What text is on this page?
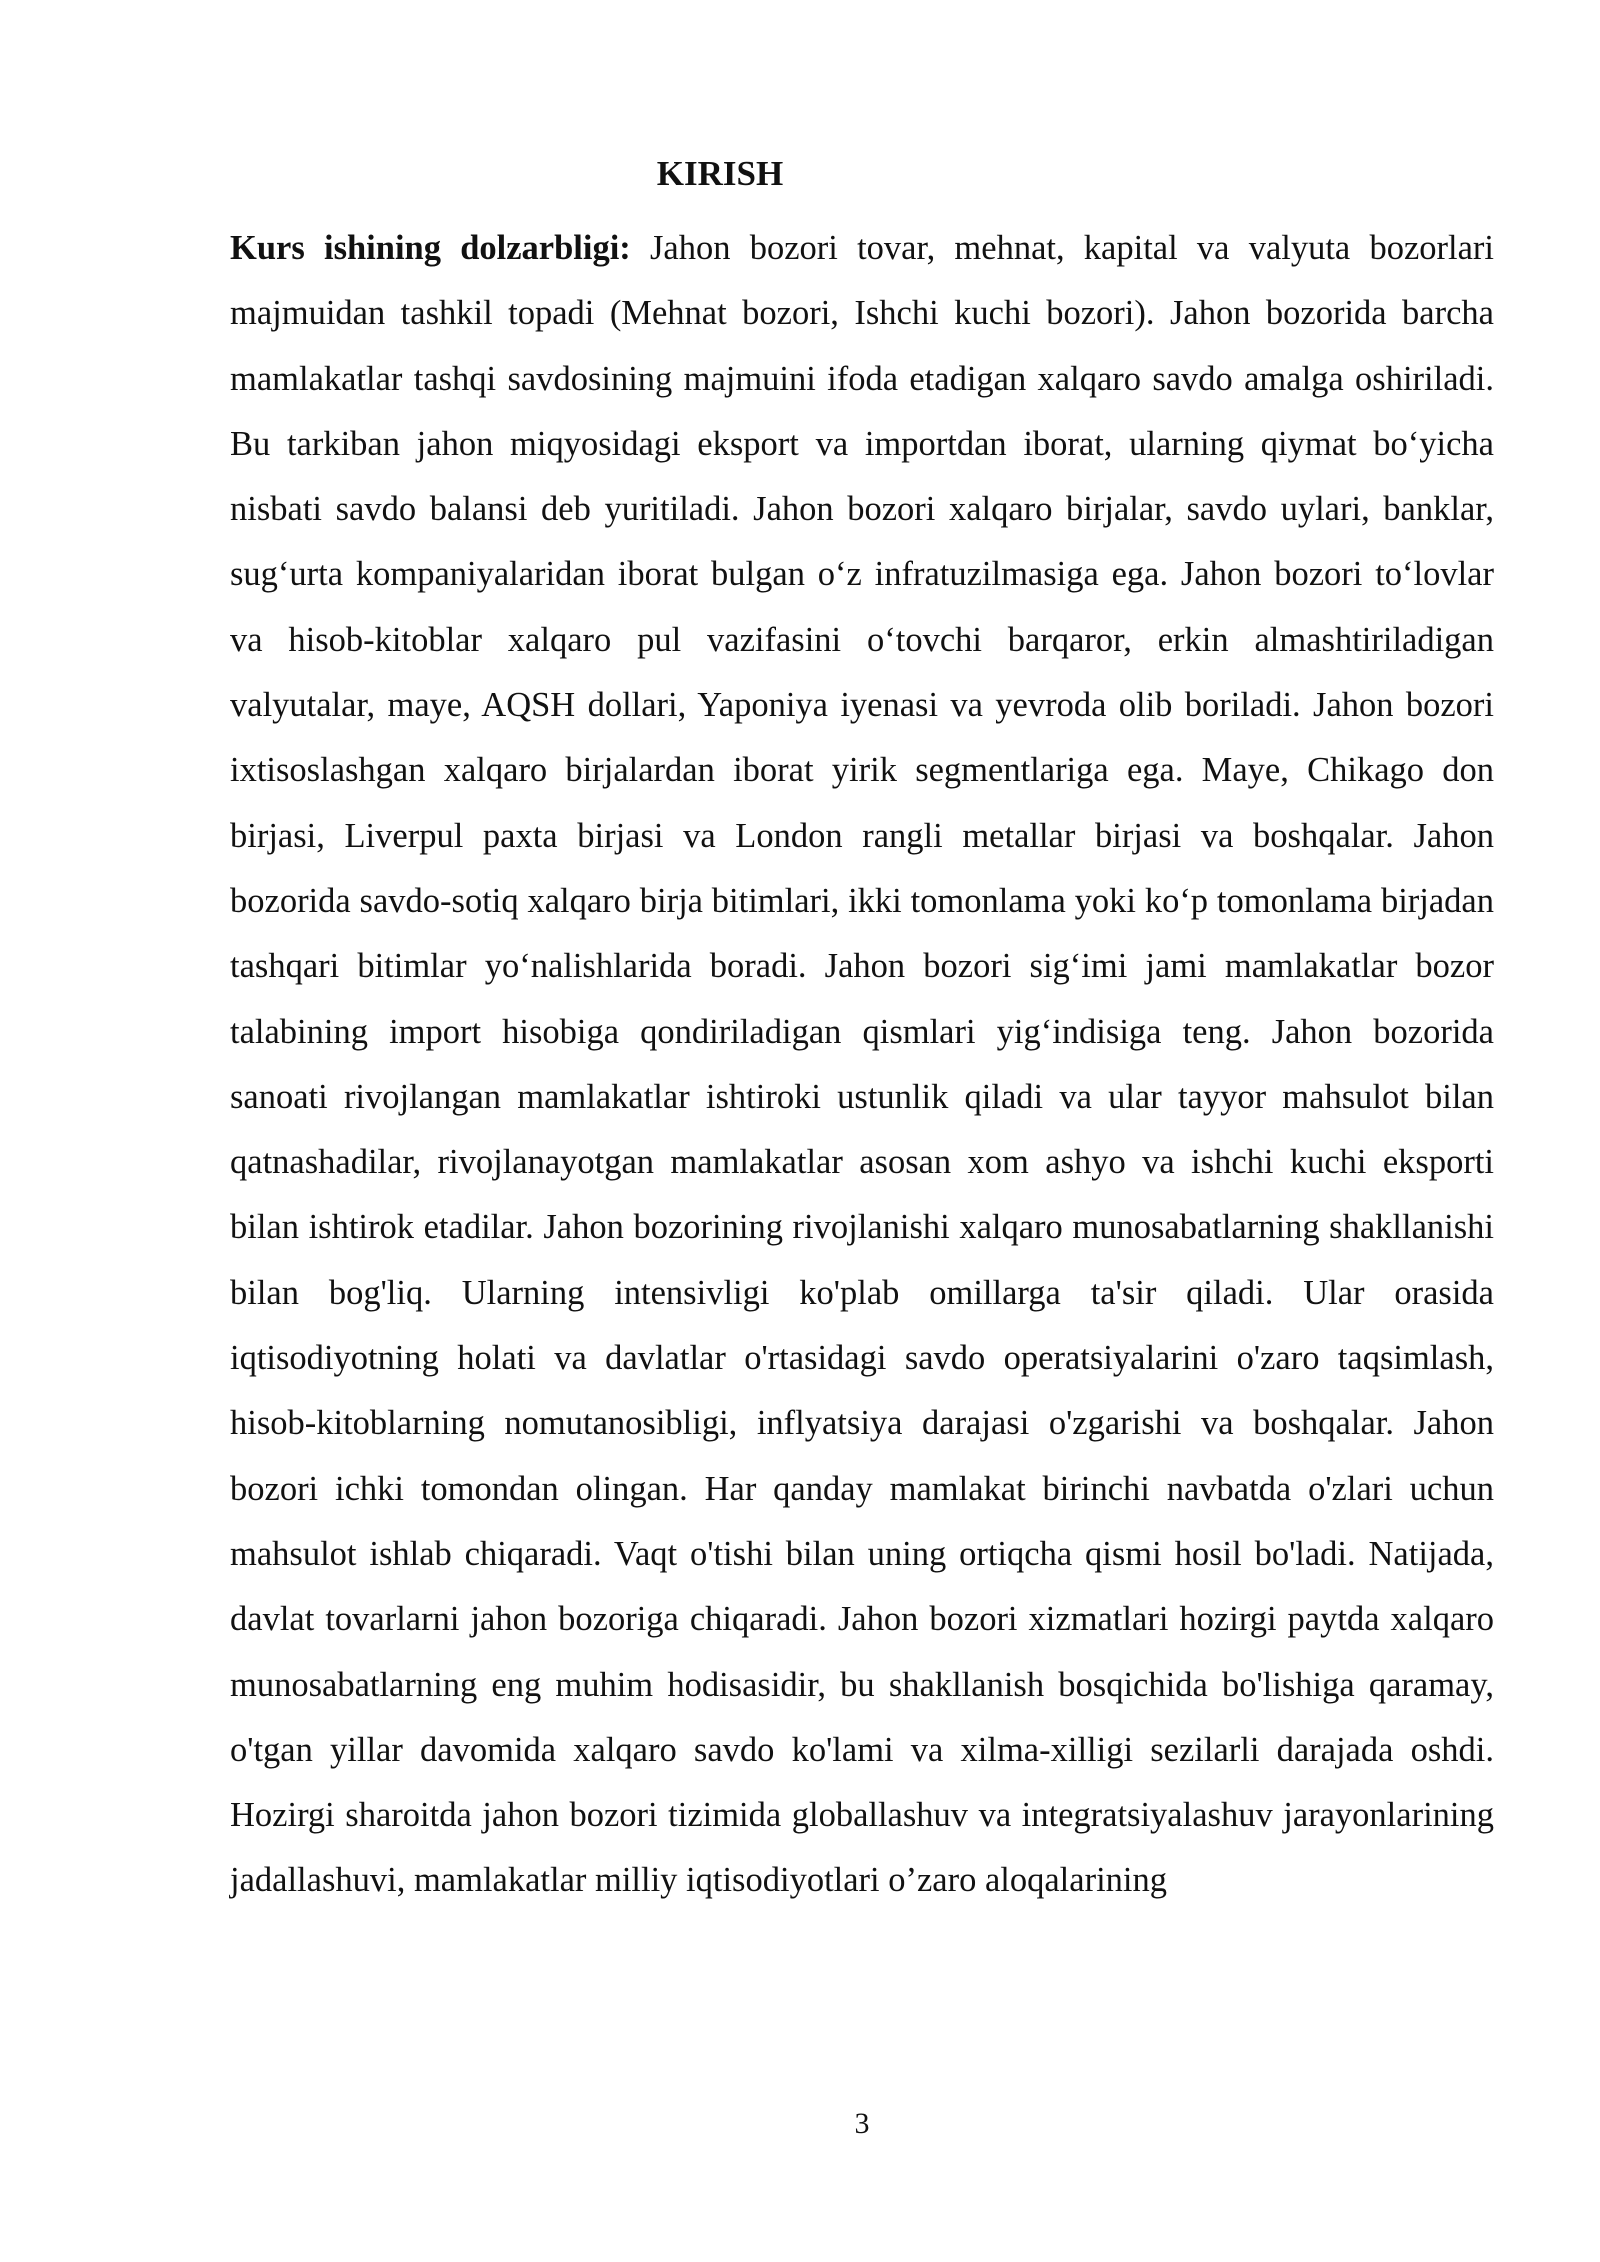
KIRISH

Kurs ishining dolzarbligi: Jahon bozori tovar, mehnat, kapital va valyuta bozorlari majmuidan tashkil topadi (Mehnat bozori, Ishchi kuchi bozori). Jahon bozorida barcha mamlakatlar tashqi savdosining majmuini ifoda etadigan xalqaro savdo amalga oshiriladi. Bu tarkiban jahon miqyosidagi eksport va importdan iborat, ularning qiymat bo‘yicha nisbati savdo balansi deb yuritiladi. Jahon bozori xalqaro birjalar, savdo uylari, banklar, sug‘urta kompaniyalaridan iborat bulgan o‘z infratuzilmasiga ega. Jahon bozori to‘lovlar va hisob-kitoblar xalqaro pul vazifasini o‘tovchi barqaror, erkin almashtiriladigan valyutalar, maye, AQSH dollari, Yaponiya iyenasi va yevroda olib boriladi. Jahon bozori ixtisoslashgan xalqaro birjalardan iborat yirik segmentlariga ega. Maye, Chikago don birjasi, Liverpul paxta birjasi va London rangli metallar birjasi va boshqalar. Jahon bozorida savdo-sotiq xalqaro birja bitimlari, ikki tomonlama yoki ko‘p tomonlama birjadan tashqari bitimlar yo‘nalishlarida boradi. Jahon bozori sig‘imi jami mamlakatlar bozor talabining import hisobiga qondiriladigan qismlari yig‘indisiga teng. Jahon bozorida sanoati rivojlangan mamlakatlar ishtiroki ustunlik qiladi va ular tayyor mahsulot bilan qatnashadilar, rivojlanayotgan mamlakatlar asosan xom ashyo va ishchi kuchi eksporti bilan ishtirok etadilar. Jahon bozorining rivojlanishi xalqaro munosabatlarning shakllanishi bilan bog'liq. Ularning intensivligi ko'plab omillarga ta'sir qiladi. Ular orasida iqtisodiyotning holati va davlatlar o'rtasidagi savdo operatsiyalarini o'zaro taqsimlash, hisob-kitoblarning nomutanosibligi, inflyatsiya darajasi o'zgarishi va boshqalar. Jahon bozori ichki tomondan olingan. Har qanday mamlakat birinchi navbatda o'zlari uchun mahsulot ishlab chiqaradi. Vaqt o'tishi bilan uning ortiqcha qismi hosil bo'ladi. Natijada, davlat tovarlarni jahon bozoriga chiqaradi. Jahon bozori xizmatlari hozirgi paytda xalqaro munosabatlarning eng muhim hodisasidir, bu shakllanish bosqichida bo'lishiga qaramay, o'tgan yillar davomida xalqaro savdo ko'lami va xilma-xilligi sezilarli darajada oshdi.

Hozirgi sharoitda jahon bozori tizimida globallashuv va integratsiyalashuv jarayonlarining jadallashuvi, mamlakatlar milliy iqtisodiyotlari o’zaro aloqalarining

3
